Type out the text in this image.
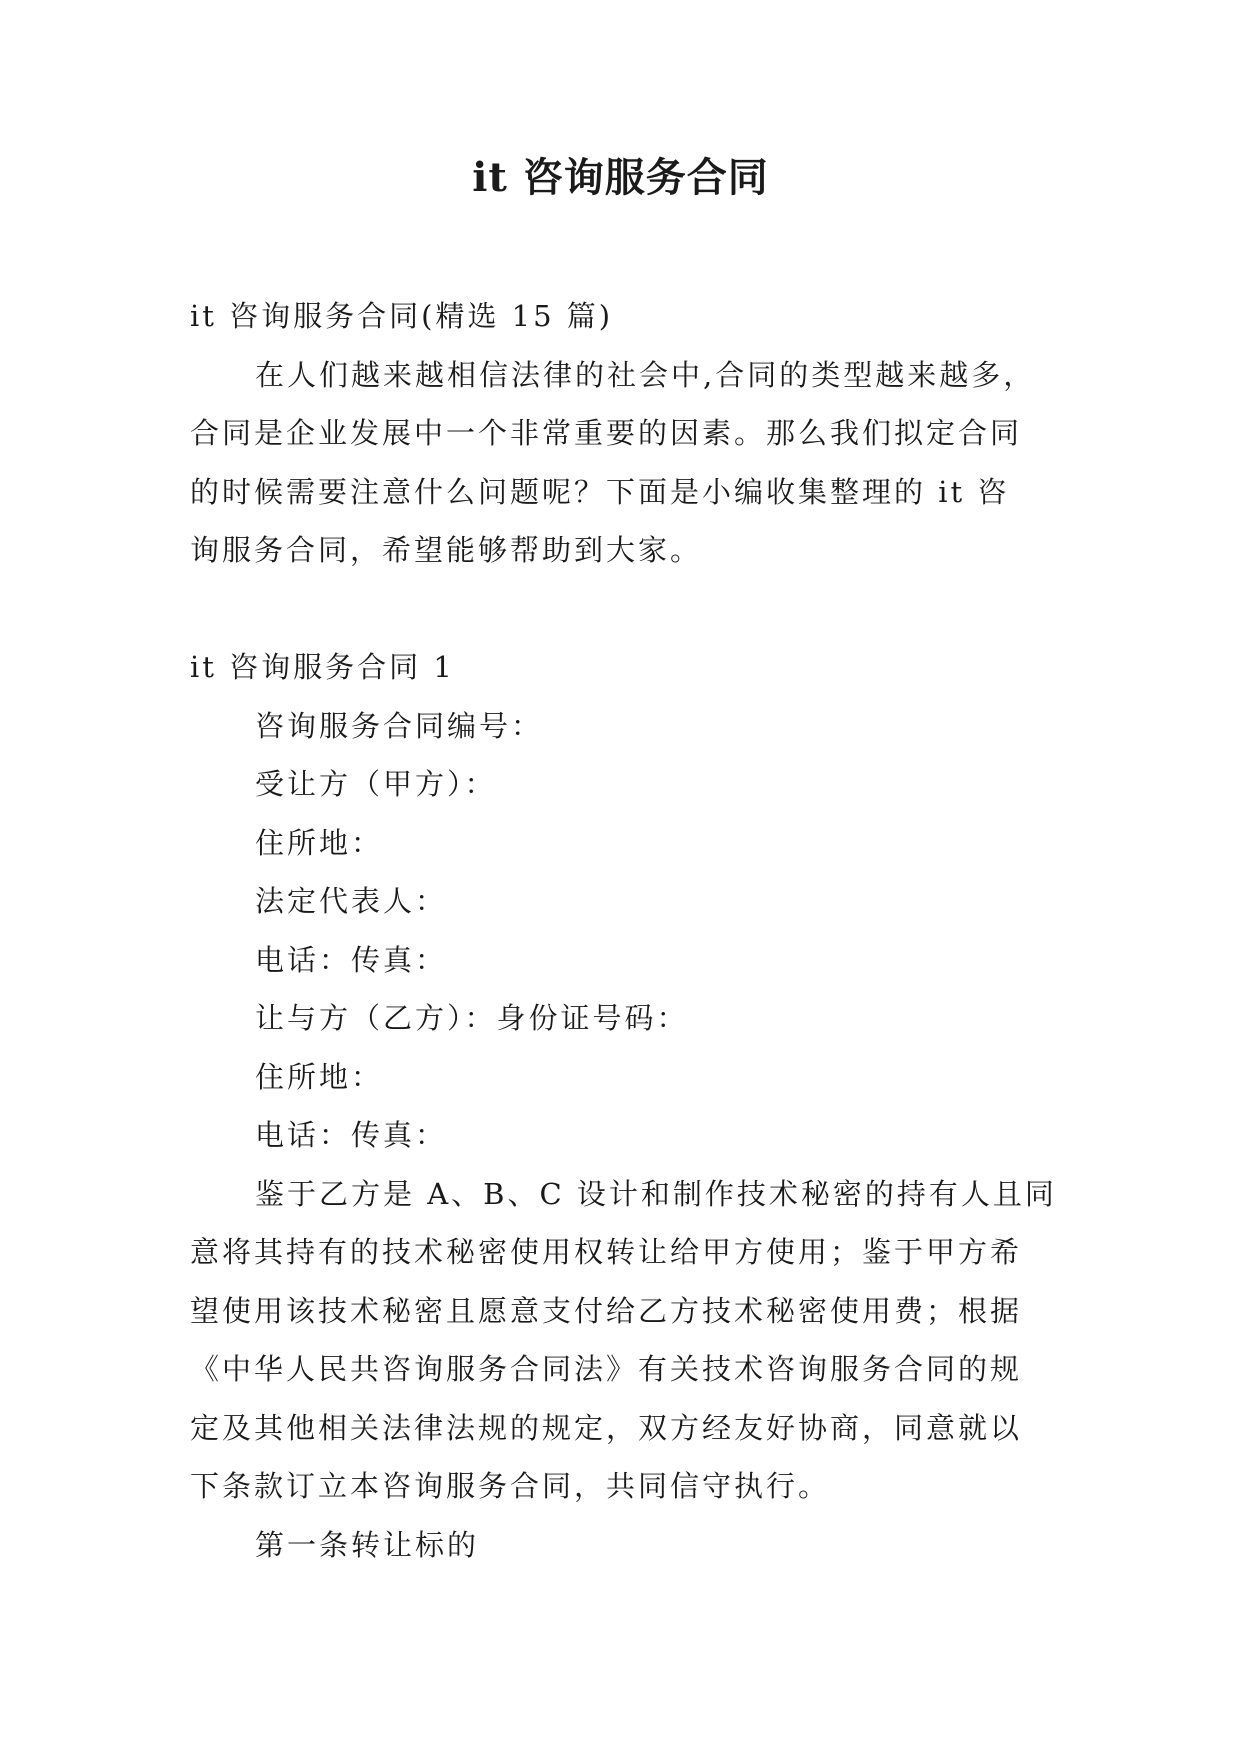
it 咨询服务合同
it 咨询服务合同(精选 15 篇)
在人们越来越相信法律的社会中,合同的类型越来越多，
合同是企业发展中一个非常重要的因素。那么我们拟定合同
的时候需要注意什么问题呢？下面是小编收集整理的 it 咨
询服务合同，希望能够帮助到大家。
it 咨询服务合同 1
咨询服务合同编号：
受让方（甲方）：
住所地：
法定代表人：
电话：传真：
让与方（乙方）：身份证号码：
住所地：
电话：传真：
鉴于乙方是 A、B、C 设计和制作技术秘密的持有人且同
意将其持有的技术秘密使用权转让给甲方使用；鉴于甲方希
望使用该技术秘密且愿意支付给乙方技术秘密使用费；根据
《中华人民共咨询服务合同法》有关技术咨询服务合同的规
定及其他相关法律法规的规定，双方经友好协商，同意就以
下条款订立本咨询服务合同，共同信守执行。
第一条转让标的
